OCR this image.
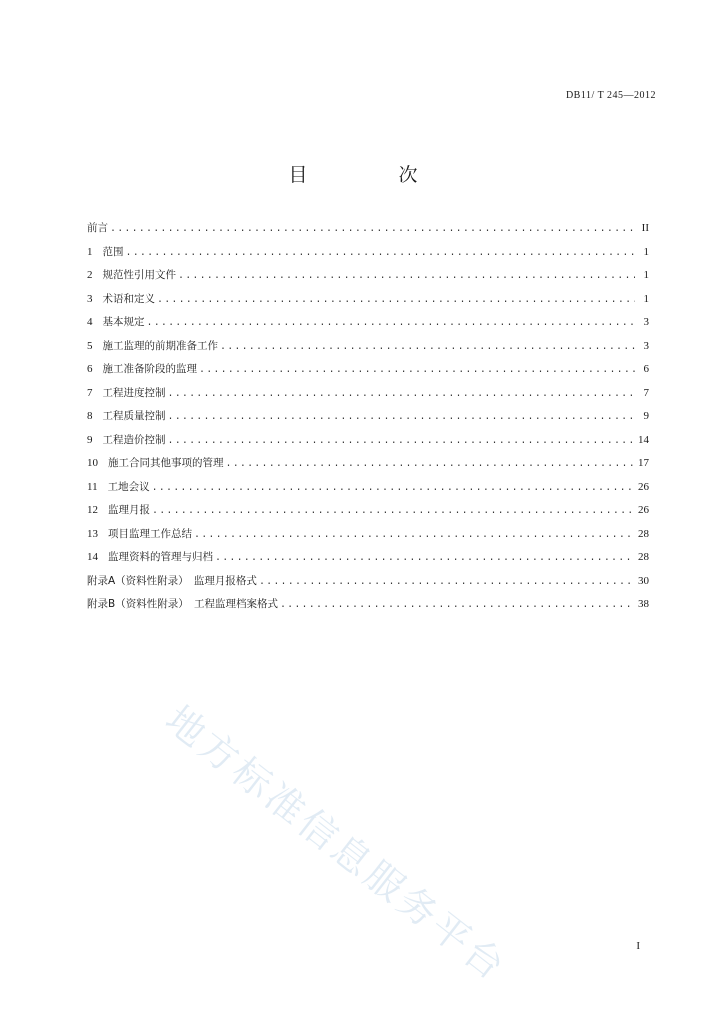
DB11/ T 245—2012
目　次
前言 .....	II
1 范围 .....	1
2 规范性引用文件 .....	1
3 术语和定义 .....	1
4 基本规定 .....	3
5 施工监理的前期准备工作 .....	3
6 施工准备阶段的监理 .....	6
7 工程进度控制 .....	7
8 工程质量控制 .....	9
9 工程造价控制 .....	14
10 施工合同其他事项的管理 .....	17
11 工地会议 .....	26
12 监理月报 .....	26
13 项目监理工作总结 .....	28
14 监理资料的管理与归档 .....	28
附录A（资料性附录）　监理月报格式 .....	30
附录B（资料性附录）　工程监理档案格式 .....	38
地方标准信息服务平台	I
